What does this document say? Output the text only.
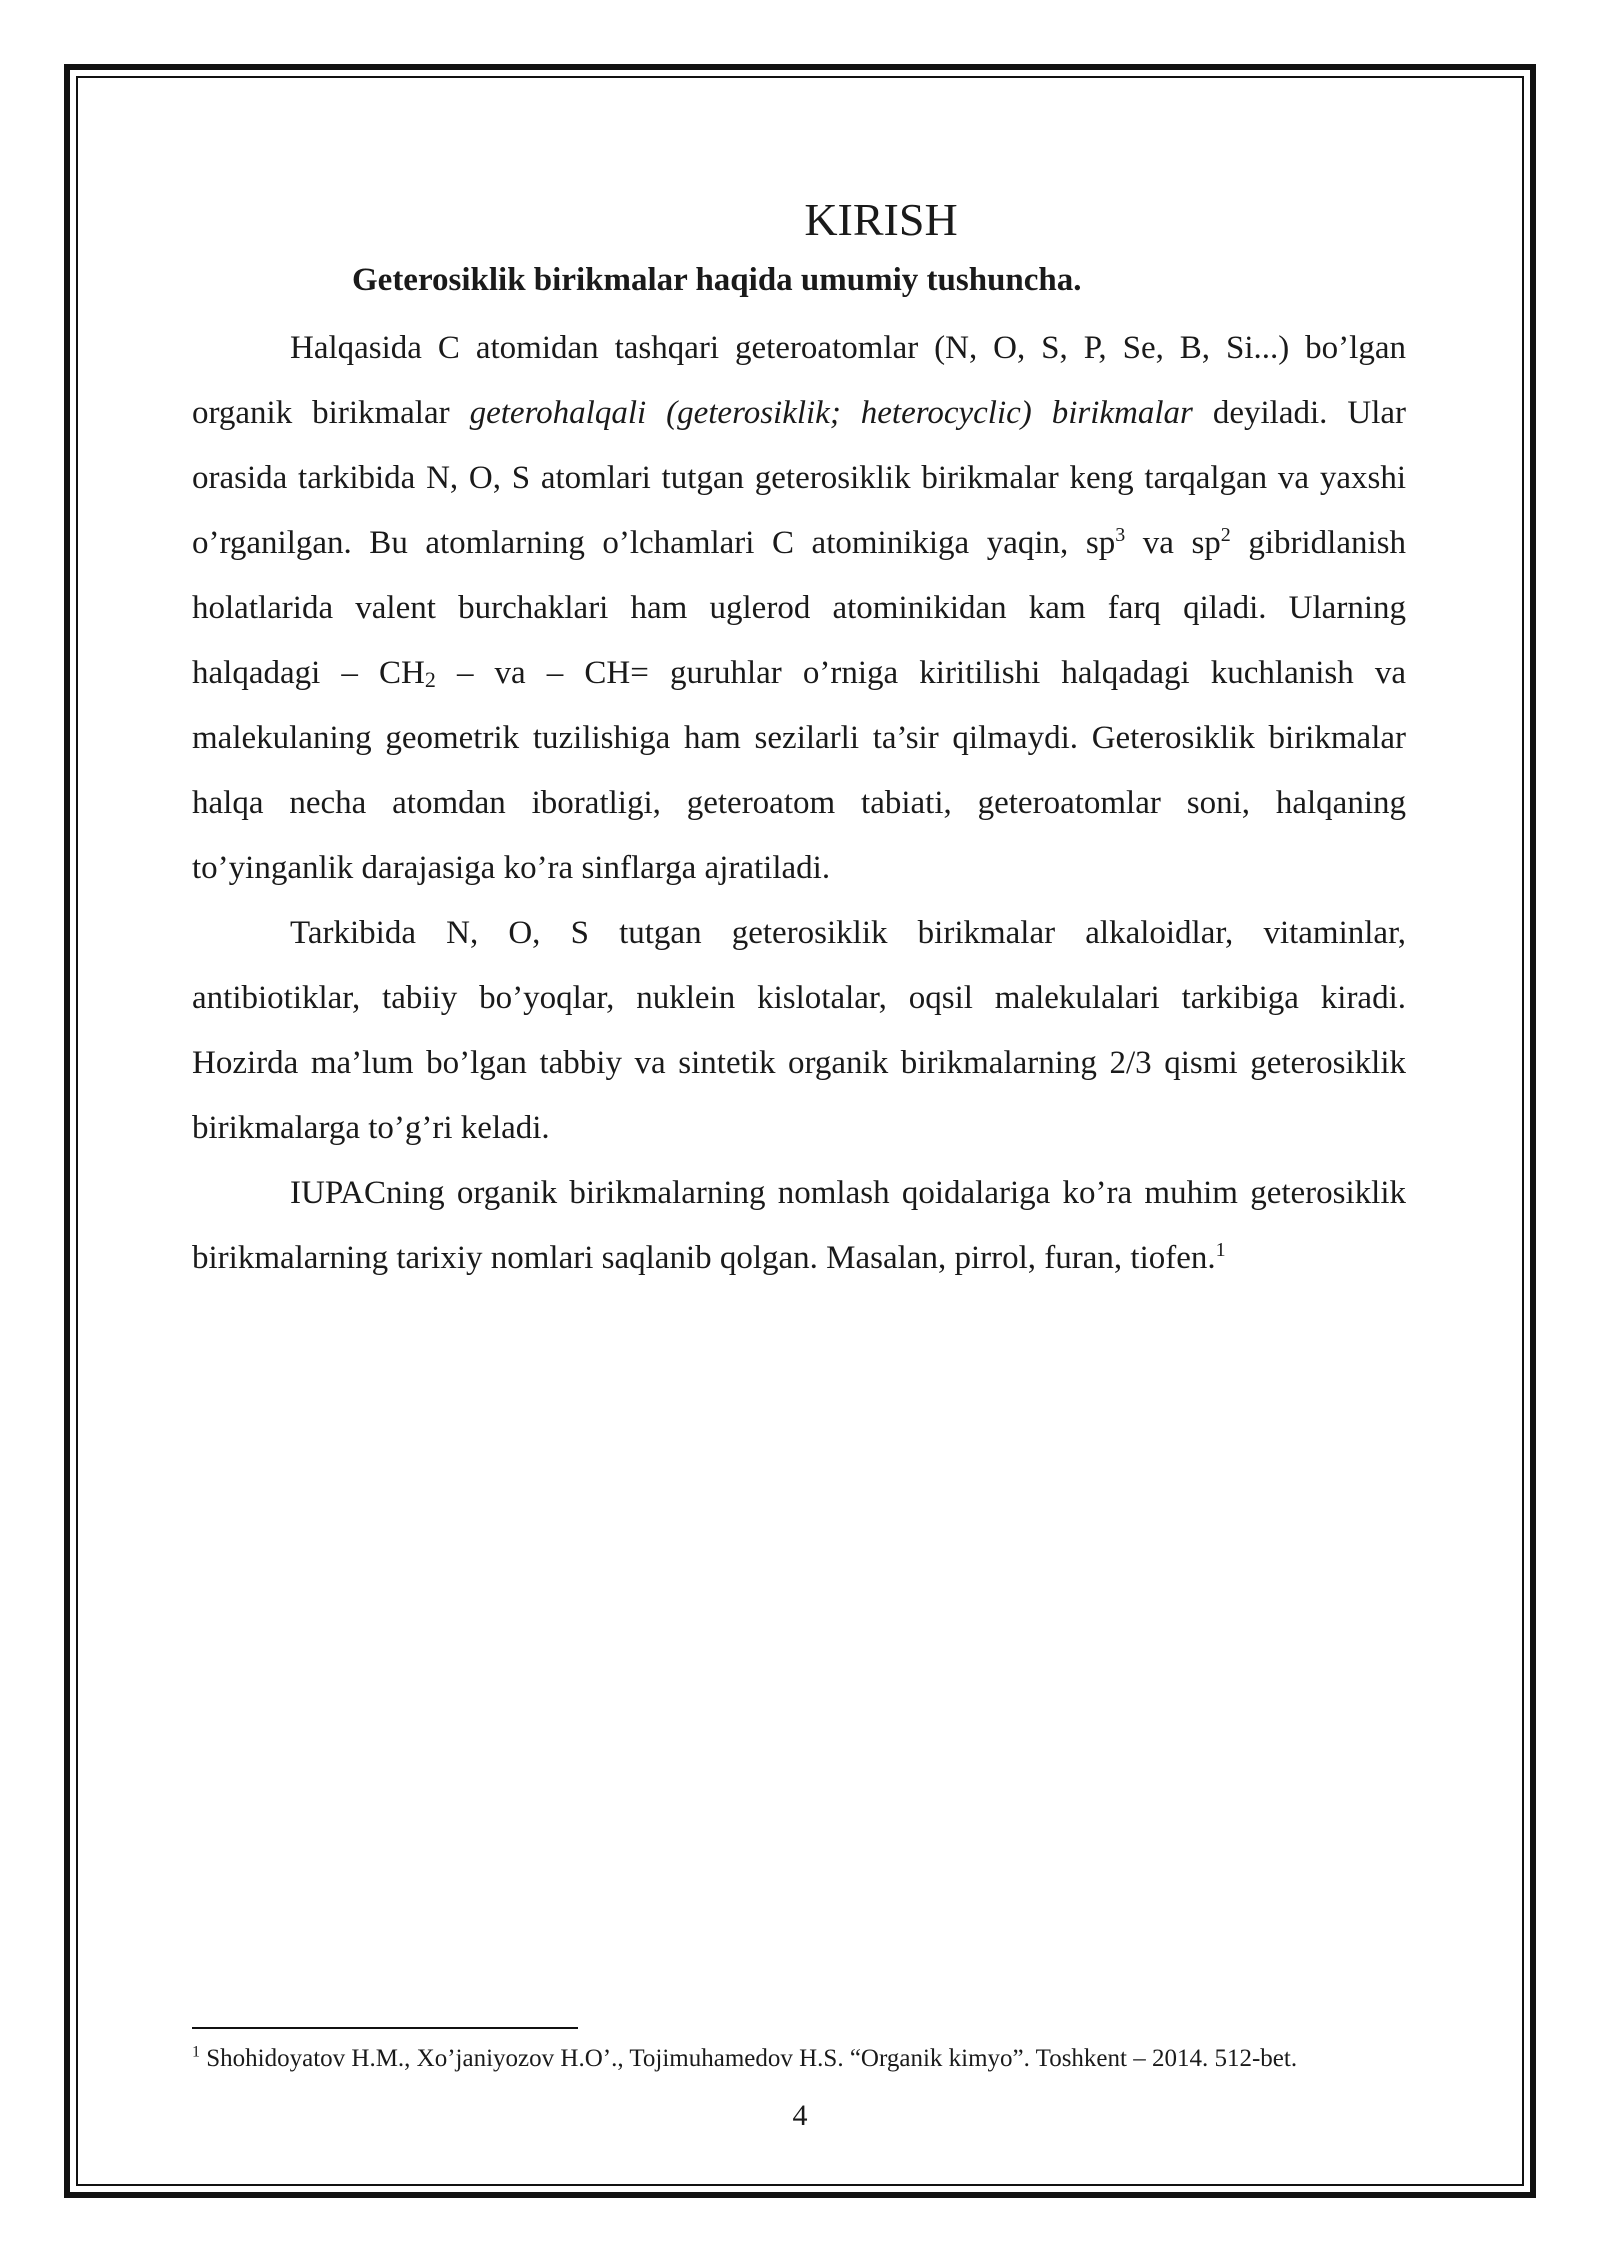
KIRISH

Geterosiklik birikmalar haqida umumiy tushuncha.

Halqasida C atomidan tashqari geteroatomlar (N, O, S, P, Se, B, Si...) bo’lgan organik birikmalar geterohalqali (geterosiklik; heterocyclic) birikmalar deyiladi. Ular orasida tarkibida N, O, S atomlari tutgan geterosiklik birikmalar keng tarqalgan va yaxshi o’rganilgan. Bu atomlarning o’lchamlari C atominikiga yaqin, $sp^3$ va $sp^2$ gibridlanish holatlarida valent burchaklari ham uglerod atominikidan kam farq qiladi. Ularning halqadagi – $CH_2$ – va – CH= guruhlar o’rniga kiritilishi halqadagi kuchlanish va malekulaning geometrik tuzilishiga ham sezilarli ta’sir qilmaydi. Geterosiklik birikmalar halqa necha atomdan iboratligi, geteroatom tabiati, geteroatomlar soni, halqaning to’yinganlik darajasiga ko’ra sinflarga ajratiladi.

Tarkibida N, O, S tutgan geterosiklik birikmalar alkaloidlar, vitaminlar, antibiotiklar, tabiiy bo’yoqlar, nuklein kislotalar, oqsil malekulalari tarkibiga kiradi. Hozirda ma’lum bo’lgan tabbiy va sintetik organik birikmalarning 2/3 qismi geterosiklik birikmalarga to’g’ri keladi.

IUPACning organik birikmalarning nomlash qoidalariga ko’ra muhim geterosiklik birikmalarning tarixiy nomlari saqlanib qolgan. Masalan, pirrol, furan, tiofen.$^1$

$^1$ Shohidoyatov H.M., Xo’janiyozov H.O’., Tojimuhamedov H.S. “Organik kimyo”. Toshkent – 2014. 512-bet.
4
